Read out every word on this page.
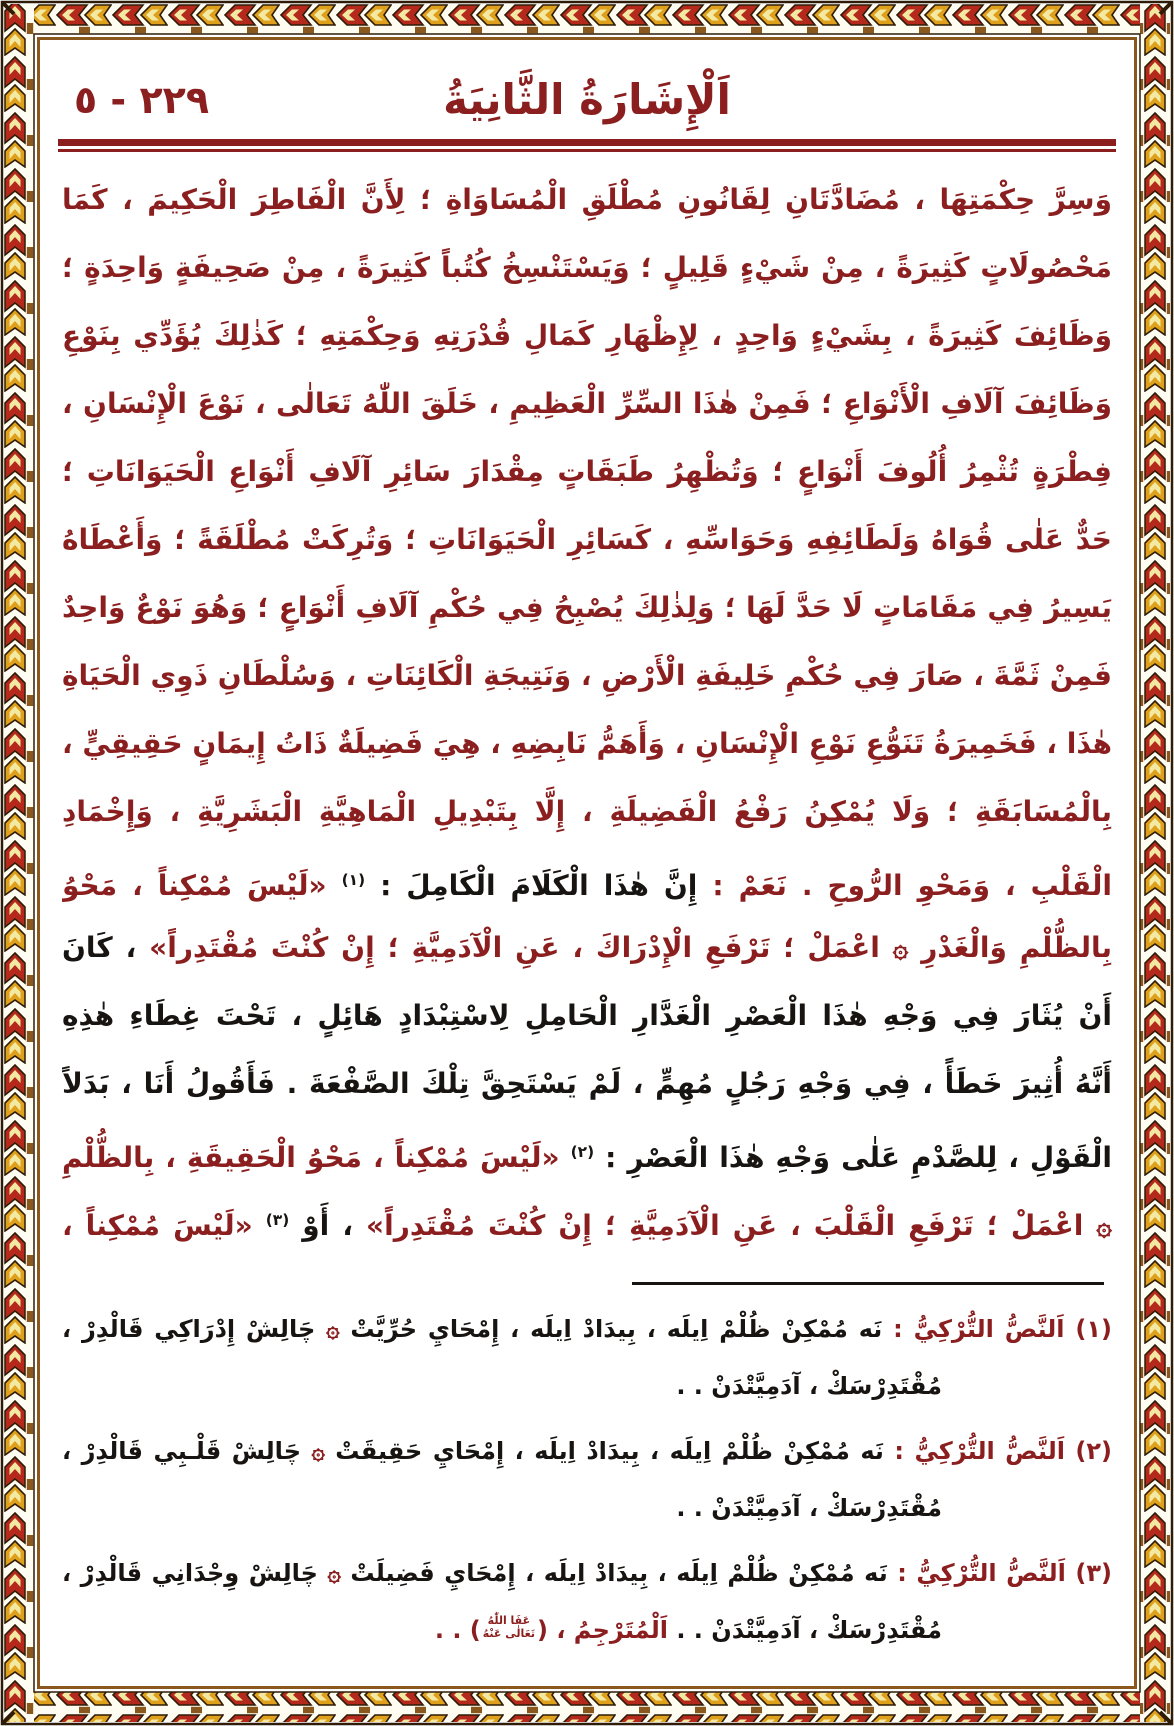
٢٢٩ - ٥	اَلْإِشَارَةُ الثَّانِيَةُ
وَسِرَّ حِكْمَتِهَا ، مُضَادَّتَانِ لِقَانُونِ مُطْلَقِ الْمُسَاوَاةِ ؛ لِأَنَّ الْفَاطِرَ الْحَكِيمَ ، كَمَا
مَحْصُولَاتٍ كَثِيرَةً ، مِنْ شَيْءٍ قَلِيلٍ ؛ وَيَسْتَنْسِخُ كُتُباً كَثِيرَةً ، مِنْ صَحِيفَةٍ وَاحِدَةٍ ؛
وَظَائِفَ كَثِيرَةً ، بِشَيْءٍ وَاحِدٍ ، لِإِظْهَارِ كَمَالِ قُدْرَتِهِ وَحِكْمَتِهِ ؛ كَذٰلِكَ يُؤَدِّي بِنَوْعِ
وَظَائِفَ آلَافِ الْأَنْوَاعِ ؛ فَمِنْ هٰذَا السِّرِّ الْعَظِيمِ ، خَلَقَ اللّٰهُ تَعَالٰى ، نَوْعَ الْإِنْسَانِ ،
فِطْرَةٍ تُثْمِرُ أُلُوفَ أَنْوَاعٍ ؛ وَتُظْهِرُ طَبَقَاتٍ مِقْدَارَ سَائِرِ آلَافِ أَنْوَاعِ الْحَيَوَانَاتِ ؛
حَدٌّ عَلٰى قُوَاهُ وَلَطَائِفِهِ وَحَوَاسِّهِ ، كَسَائِرِ الْحَيَوَانَاتِ ؛ وَتُرِكَتْ مُطْلَقَةً ؛ وَأَعْطَاهُ
يَسِيرُ فِي مَقَامَاتٍ لَا حَدَّ لَهَا ؛ وَلِذٰلِكَ يُصْبِحُ فِي حُكْمِ آلَافِ أَنْوَاعٍ ؛ وَهُوَ نَوْعٌ وَاحِدٌ
فَمِنْ ثَمَّةَ ، صَارَ فِي حُكْمِ خَلِيفَةِ الْأَرْضِ ، وَنَتِيجَةِ الْكَائِنَاتِ ، وَسُلْطَانِ ذَوِي الْحَيَاةِ
هٰذَا ، فَخَمِيرَةُ تَنَوُّعِ نَوْعِ الْإِنْسَانِ ، وَأَهَمُّ نَابِضِهِ ، هِيَ فَضِيلَةٌ ذَاتُ إِيمَانٍ حَقِيقِيٍّ ،
بِالْمُسَابَقَةِ ؛ وَلَا يُمْكِنُ رَفْعُ الْفَضِيلَةِ ، إِلَّا بِتَبْدِيلِ الْمَاهِيَّةِ الْبَشَرِيَّةِ ، وَإِخْمَادِ
الْقَلْبِ ، وَمَحْوِ الرُّوحِ . نَعَمْ : إِنَّ هٰذَا الْكَلَامَ الْكَامِلَ : $^{(١)}$ «لَيْسَ مُمْكِناً ، مَحْوُ
بِالظُّلْمِ وَالْغَدْرِ ۞ اعْمَلْ ؛ تَرْفَعِ الْإِدْرَاكَ ، عَنِ الْآدَمِيَّةِ ؛ إِنْ كُنْتَ مُقْتَدِراً» ، كَانَ
أَنْ يُثَارَ فِي وَجْهِ هٰذَا الْعَصْرِ الْغَدَّارِ الْحَامِلِ لِاسْتِبْدَادٍ هَائِلٍ ، تَحْتَ غِطَاءِ هٰذِهِ
أَنَّهُ أُثِيرَ خَطَأً ، فِي وَجْهِ رَجُلٍ مُهِمٍّ ، لَمْ يَسْتَحِقَّ تِلْكَ الصَّفْعَةَ . فَأَقُولُ أَنَا ، بَدَلاً
الْقَوْلِ ، لِلصَّدْمِ عَلٰى وَجْهِ هٰذَا الْعَصْرِ : $^{(٢)}$ «لَيْسَ مُمْكِناً ، مَحْوُ الْحَقِيقَةِ ، بِالظُّلْمِ
۞ اعْمَلْ ؛ تَرْفَعِ الْقَلْبَ ، عَنِ الْآدَمِيَّةِ ؛ إِنْ كُنْتَ مُقْتَدِراً» ، أَوْ $^{(٣)}$ «لَيْسَ مُمْكِناً ،
(١) اَلنَّصُّ التُّرْكِيُّ : نَه مُمْكِنْ ظُلْمْ اِيلَه ، بِيدَادْ اِيلَه ، إِمْحَايِ حُرِّيَّتْ ۞ چَالِشْ إِدْرَاكِي قَالْدِرْ ،
مُقْتَدِرْسَكْ ، آدَمِيَّتْدَنْ . .
(٢) اَلنَّصُّ التُّرْكِيُّ : نَه مُمْكِنْ ظُلْمْ اِيلَه ، بِيدَادْ اِيلَه ، إِمْحَايِ حَقِيقَتْ ۞ چَالِشْ قَلْـبِي قَالْدِرْ ،
مُقْتَدِرْسَكْ ، آدَمِيَّتْدَنْ . .
(٣) اَلنَّصُّ التُّرْكِيُّ : نَه مُمْكِنْ ظُلْمْ اِيلَه ، بِيدَادْ اِيلَه ، إِمْحَايِ فَضِيلَتْ ۞ چَالِشْ وِجْدَانِي قَالْدِرْ ،
مُقْتَدِرْسَكْ ، آدَمِيَّتْدَنْ . . اَلْمُتَرْجِمُ ، (
عَفَا اللّٰهُ
تَعَالٰى عَنْهُ
) . .
